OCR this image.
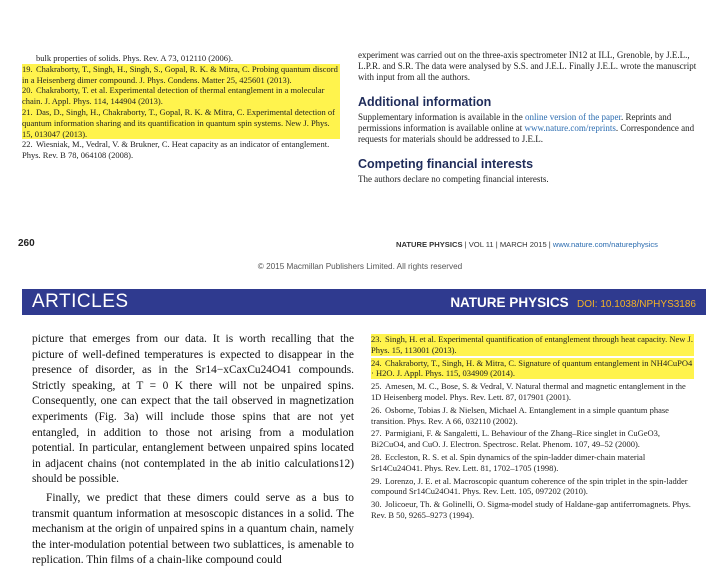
bulk properties of solids. Phys. Rev. A 73, 012110 (2006).
19. Chakraborty, T., Singh, H., Singh, S., Gopal, R. K. & Mitra, C. Probing quantum discord in a Heisenberg dimer compound. J. Phys. Condens. Matter 25, 425601 (2013).
20. Chakraborty, T. et al. Experimental detection of thermal entanglement in a molecular chain. J. Appl. Phys. 114, 144904 (2013).
21. Das, D., Singh, H., Chakraborty, T., Gopal, R. K. & Mitra, C. Experimental detection of quantum information sharing and its quantification in quantum spin systems. New J. Phys. 15, 013047 (2013).
22. Wiesniak, M., Vedral, V. & Brukner, C. Heat capacity as an indicator of entanglement. Phys. Rev. B 78, 064108 (2008).
experiment was carried out on the three-axis spectrometer IN12 at ILL, Grenoble, by J.E.L., L.P.R. and S.R. The data were analysed by S.S. and J.E.L. Finally J.E.L. wrote the manuscript with input from all the authors.
Additional information
Supplementary information is available in the online version of the paper. Reprints and permissions information is available online at www.nature.com/reprints. Correspondence and requests for materials should be addressed to J.E.L.
Competing financial interests
The authors declare no competing financial interests.
260	NATURE PHYSICS | VOL 11 | MARCH 2015 | www.nature.com/naturephysics
© 2015 Macmillan Publishers Limited. All rights reserved
ARTICLES	NATURE PHYSICS DOI: 10.1038/NPHYS3186

picture that emerges from our data. It is worth recalling that the picture of well-defined temperatures is expected to disappear in the presence of disorder, as in the Sr14−xCaxCu24O41 compounds. Strictly speaking, at T = 0 K there will not be unpaired spins. Consequently, one can expect that the tail observed in magnetization experiments (Fig. 3a) will include those spins that are not yet entangled, in addition to those not arising from a modulation potential. In particular, entanglement between unpaired spins located in adjacent chains (not contemplated in the ab initio calculations12) should be possible.

Finally, we predict that these dimers could serve as a bus to transmit quantum information at mesoscopic distances in a solid. The mechanism at the origin of unpaired spins in a quantum chain, namely the inter-modulation potential between two sublattices, is amenable to replication. Thin films of a chain-like compound could

23. Singh, H. et al. Experimental quantification of entanglement through heat capacity. New J. Phys. 15, 113001 (2013).
24. Chakraborty, T., Singh, H. & Mitra, C. Signature of quantum entanglement in NH4CuPO4 · H2O. J. Appl. Phys. 115, 034909 (2014).
25. Amesen, M. C., Bose, S. & Vedral, V. Natural thermal and magnetic entanglement in the 1D Heisenberg model. Phys. Rev. Lett. 87, 017901 (2001).
26. Osborne, Tobias J. & Nielsen, Michael A. Entanglement in a simple quantum phase transition. Phys. Rev. A 66, 032110 (2002).
27. Parmigiani, F. & Sangaletti, L. Behaviour of the Zhang–Rice singlet in CuGeO3, Bi2CuO4, and CuO. J. Electron. Spectrosc. Relat. Phenom. 107, 49–52 (2000).
28. Eccleston, R. S. et al. Spin dynamics of the spin-ladder dimer-chain material Sr14Cu24O41. Phys. Rev. Lett. 81, 1702–1705 (1998).
29. Lorenzo, J. E. et al. Macroscopic quantum coherence of the spin triplet in the spin-ladder compound Sr14Cu24O41. Phys. Rev. Lett. 105, 097202 (2010).
30. Jolicoeur, Th. & Golinelli, O. Sigma-model study of Haldane-gap antiferromagnets. Phys. Rev. B 50, 9265–9273 (1994).
